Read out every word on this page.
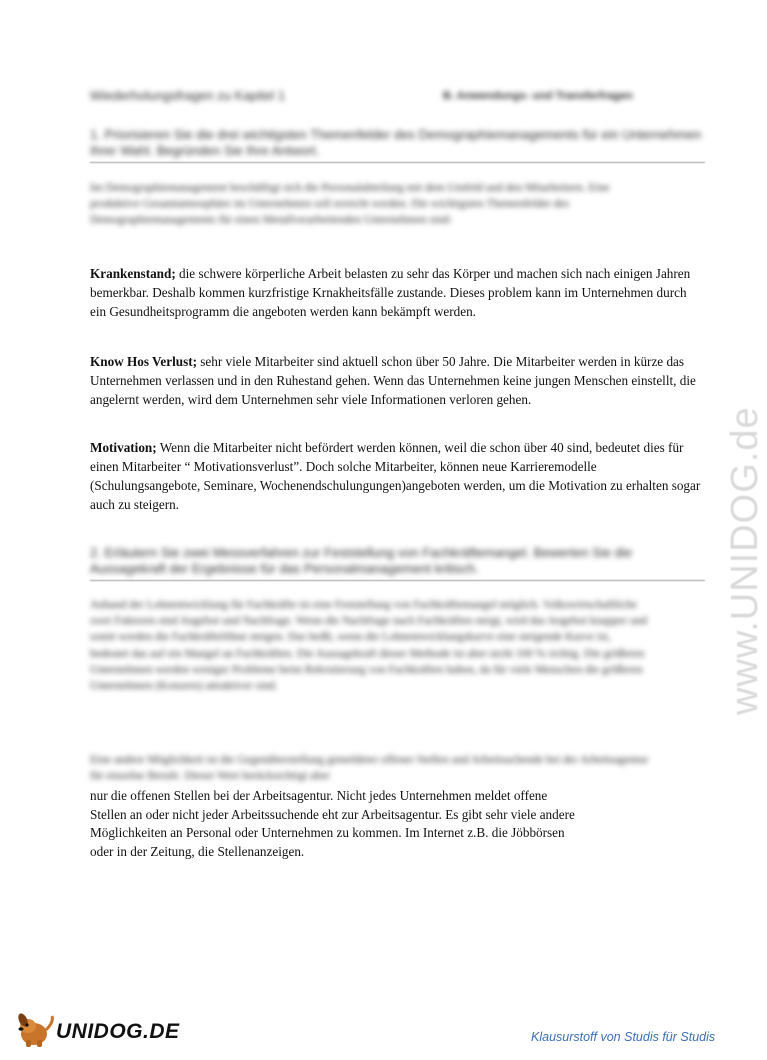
Wiederholungsfragen zu Kapitel 1	B. Anwendungs- und Transferfragen
1. Priorisieren Sie die drei wichtigsten Themenfelder des Demographiemanagements für ein Unternehmen Ihrer Wahl. Begründen Sie Ihre Antwort.
Im Demographiemanagement beschäftigt sich die Personalabteilung mit dem Umfeld und den Mitarbeitern. Eine produktive Gesamtatmosphäre im Unternehmen soll erreicht werden. Die wichtigsten Themenfelder des Demographiemanagements für einen Metallverarbeitenden Unternehmen sind:
Krankenstand; die schwere körperliche Arbeit belasten zu sehr das Körper und machen sich nach einigen Jahren bemerkbar. Deshalb kommen kurzfristige Krnakheitsfälle zustande. Dieses problem kann im Unternehmen durch ein Gesundheitsprogramm die angeboten werden kann bekämpft werden.
Know Hos Verlust; sehr viele Mitarbeiter sind aktuell schon über 50 Jahre. Die Mitarbeiter werden in kürze das Unternehmen verlassen und in den Ruhestand gehen. Wenn das Unternehmen keine jungen Menschen einstellt, die angelernt werden, wird dem Unternehmen sehr viele Informationen verloren gehen.
Motivation; Wenn die Mitarbeiter nicht befördert werden können, weil die schon über 40 sind, bedeutet dies für einen Mitarbeiter “ Motivationsverlust”. Doch solche Mitarbeiter, können neue Karrieremodelle (Schulungsangebote, Seminare, Wochenendschulungungen)angeboten werden, um die Motivation zu erhalten sogar auch zu steigern.
2. Erläutern Sie zwei Messverfahren zur Feststellung von Fachkräftemangel. Bewerten Sie die Aussagekraft der Ergebnisse für das Personalmanagement kritisch.
Anhand der Lohnentwicklung für Fachkräfte ist eine Feststellung von Fachkräftemangel möglich. Volkswirtschaftliche zwei Faktoren sind Angebot und Nachfrage. Wenn die Nachfrage nach Fachkräften steigt, wird das Angebot knapper und somit werden die Fachkräftelöhne steigen. Das heißt, wenn die Lohnentwicklungskurve eine steigende Kurve ist, bedeutet das auf ein Mangel an Fachkräften. Die Aussagekraft dieser Methode ist aber nicht 100 % richtig. Die größeren Unternehmen werden weniger Probleme beim Rekrutierung von Fachkräften haben, da für viele Menschen die größeren Unternehmen (Konzern) attraktiver sind.
Eine andere Möglichkeit ist die Gegenüberstellung gemeldeter offener Stellen und Arbeitsuchende bei der Arbeitsagentur für einzelne Berufe. Dieser Wert berücksichtigt aber
nur die offenen Stellen bei der Arbeitsagentur. Nicht jedes Unternehmen meldet offene
Stellen an oder nicht jeder Arbeitssuchende eht zur Arbeitsagentur. Es gibt sehr viele andere
Möglichkeiten an Personal oder Unternehmen zu kommen. Im Internet z.B. die Jöbbörsen
oder in der Zeitung, die Stellenanzeigen.
www.UNIDOG.de
UNIDOG.DE	Klausurstoff von Studis für Studis
